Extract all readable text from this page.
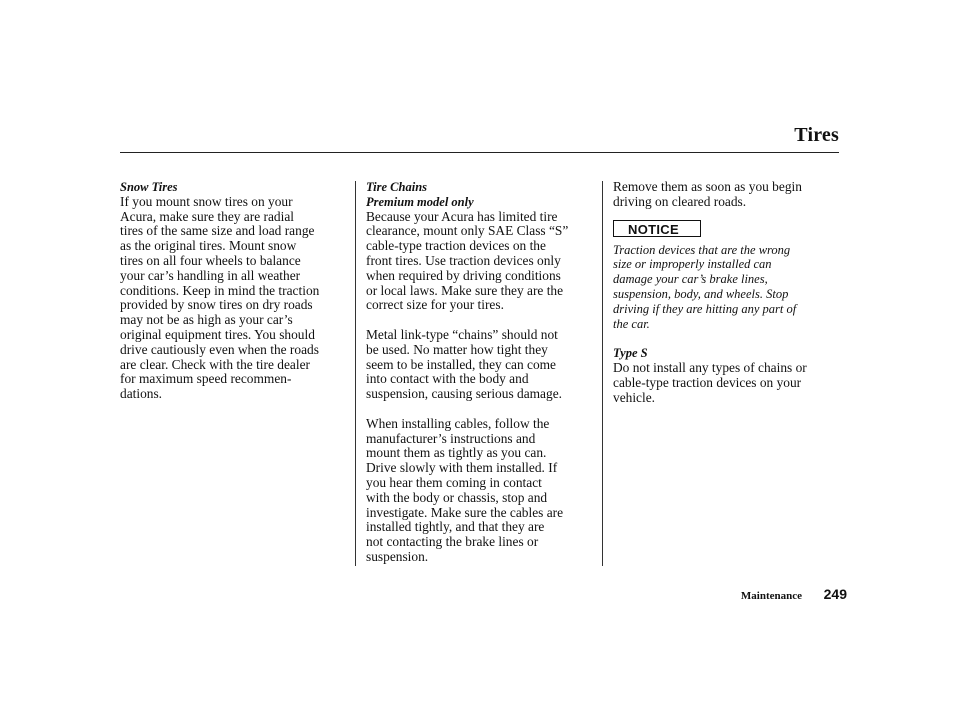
Tires
Snow Tires

If you mount snow tires on your
Acura, make sure they are radial
tires of the same size and load range
as the original tires. Mount snow
tires on all four wheels to balance
your car’s handling in all weather
conditions. Keep in mind the traction
provided by snow tires on dry roads
may not be as high as your car’s
original equipment tires. You should
drive cautiously even when the roads
are clear. Check with the tire dealer
for maximum speed recommen-
dations.

Tire Chains
Premium model only

Because your Acura has limited tire
clearance, mount only SAE Class “S”
cable-type traction devices on the
front tires. Use traction devices only
when required by driving conditions
or local laws. Make sure they are the
correct size for your tires.

Metal link-type “chains” should not
be used. No matter how tight they
seem to be installed, they can come
into contact with the body and
suspension, causing serious damage.

When installing cables, follow the
manufacturer’s instructions and
mount them as tightly as you can.
Drive slowly with them installed. If
you hear them coming in contact
with the body or chassis, stop and
investigate. Make sure the cables are
installed tightly, and that they are
not contacting the brake lines or
suspension.

Remove them as soon as you begin
driving on cleared roads.

NOTICE

Traction devices that are the wrong
size or improperly installed can
damage your car’s brake lines,
suspension, body, and wheels. Stop
driving if they are hitting any part of
the car.

Type S

Do not install any types of chains or
cable-type traction devices on your
vehicle.

Maintenance 249
